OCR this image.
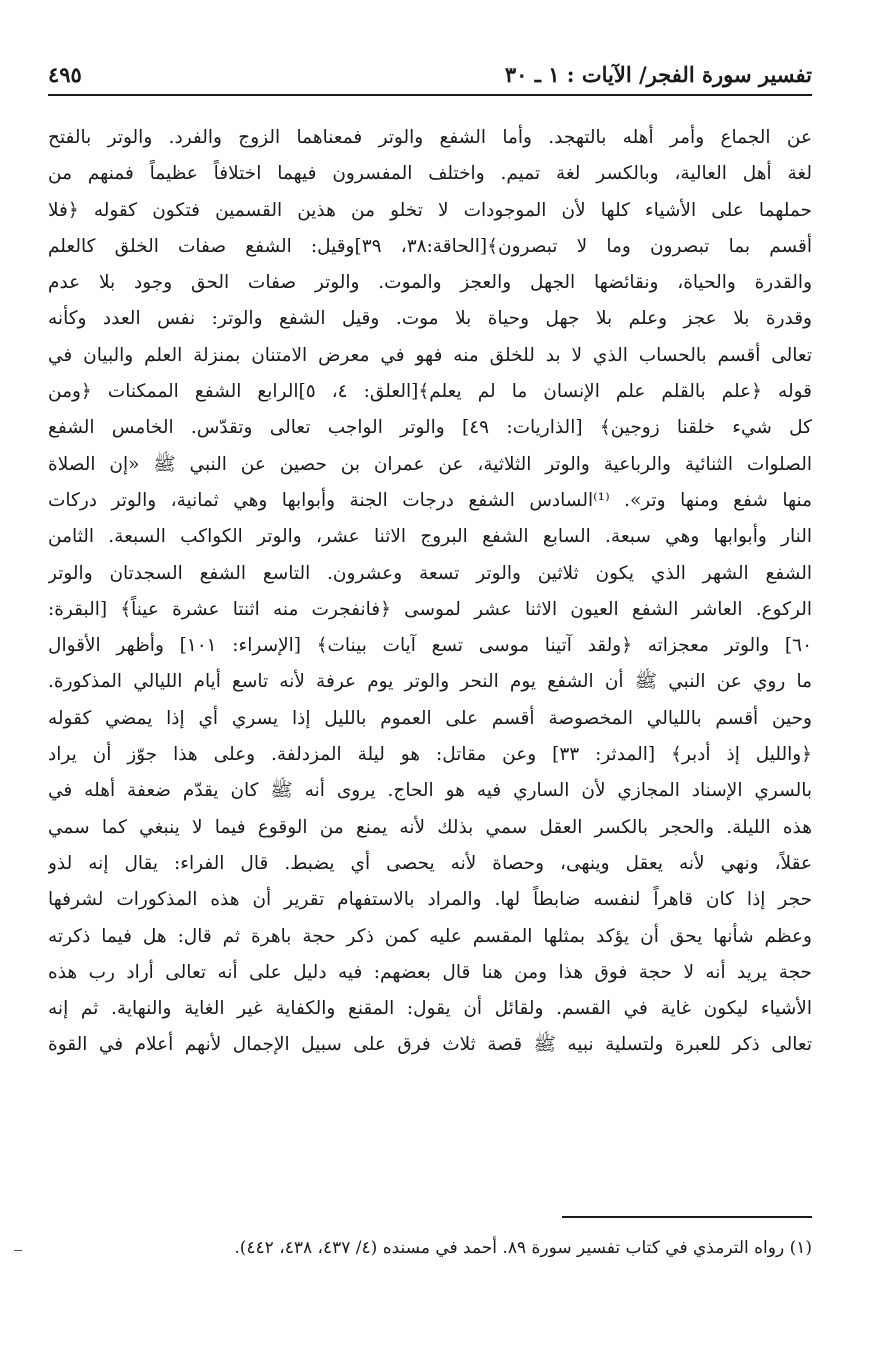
تفسير سورة الفجر/ الآيات : ١ ـ ٣٠
٤٩٥
عن الجماع وأمر أهله بالتهجد. وأما الشفع والوتر فمعناهما الزوج والفرد. والوتر بالفتح
لغة أهل العالية، وبالكسر لغة تميم. واختلف المفسرون فيهما اختلافاً عظيماً فمنهم من
حملهما على الأشياء كلها لأن الموجودات لا تخلو من هذين القسمين فتكون كقوله ﴿فلا
أقسم بما تبصرون وما لا تبصرون﴾[الحاقة:٣٨، ٣٩]وقيل: الشفع صفات الخلق كالعلم
والقدرة والحياة، ونقائضها الجهل والعجز والموت. والوتر صفات الحق وجود بلا عدم
وقدرة بلا عجز وعلم بلا جهل وحياة بلا موت. وقيل الشفع والوتر: نفس العدد وكأنه
تعالى أقسم بالحساب الذي لا بد للخلق منه فهو في معرض الامتنان بمنزلة العلم والبيان في
قوله ﴿علم بالقلم علم الإنسان ما لم يعلم﴾[العلق: ٤، ٥]الرابع الشفع الممكنات ﴿ومن
كل شيء خلقنا زوجين﴾ [الذاريات: ٤٩] والوتر الواجب تعالى وتقدّس. الخامس الشفع
الصلوات الثنائية والرباعية والوتر الثلاثية، عن عمران بن حصين عن النبي ﷺ «إن الصلاة
منها شفع ومنها وتر». ⁽¹⁾السادس الشفع درجات الجنة وأبوابها وهي ثمانية، والوتر دركات
النار وأبوابها وهي سبعة. السابع الشفع البروج الاثنا عشر، والوتر الكواكب السبعة. الثامن
الشفع الشهر الذي يكون ثلاثين والوتر تسعة وعشرون. التاسع الشفع السجدتان والوتر
الركوع. العاشر الشفع العيون الاثنا عشر لموسى ﴿فانفجرت منه اثنتا عشرة عيناً﴾ [البقرة:
٦٠] والوتر معجزاته ﴿ولقد آتينا موسى تسع آيات بينات﴾ [الإسراء: ١٠١] وأظهر الأقوال
ما روي عن النبي ﷺ أن الشفع يوم النحر والوتر يوم عرفة لأنه تاسع أيام الليالي المذكورة.
وحين أقسم بالليالي المخصوصة أقسم على العموم بالليل إذا يسري أي إذا يمضي كقوله
﴿والليل إذ أدبر﴾ [المدثر: ٣٣] وعن مقاتل: هو ليلة المزدلفة. وعلى هذا جوّز أن يراد
بالسري الإسناد المجازي لأن الساري فيه هو الحاج. يروى أنه ﷺ كان يقدّم ضعفة أهله في
هذه الليلة. والحجر بالكسر العقل سمي بذلك لأنه يمنع من الوقوع فيما لا ينبغي كما سمي
عقلاً، ونهي لأنه يعقل وينهى، وحصاة لأنه يحصى أي يضبط. قال الفراء: يقال إنه لذو
حجر إذا كان قاهراً لنفسه ضابطاً لها. والمراد بالاستفهام تقرير أن هذه المذكورات لشرفها
وعظم شأنها يحق أن يؤكد بمثلها المقسم عليه كمن ذكر حجة باهرة ثم قال: هل فيما ذكرته
حجة يريد أنه لا حجة فوق هذا ومن هنا قال بعضهم: فيه دليل على أنه تعالى أراد رب هذه
الأشياء ليكون غاية في القسم. ولقائل أن يقول: المقنع والكفاية غير الغاية والنهاية. ثم إنه
تعالى ذكر للعبرة ولتسلية نبيه ﷺ قصة ثلاث فرق على سبيل الإجمال لأنهم أعلام في القوة
(١) رواه الترمذي في كتاب تفسير سورة ٨٩. أحمد في مسنده (٤/ ٤٣٧، ٤٣٨، ٤٤٢).
